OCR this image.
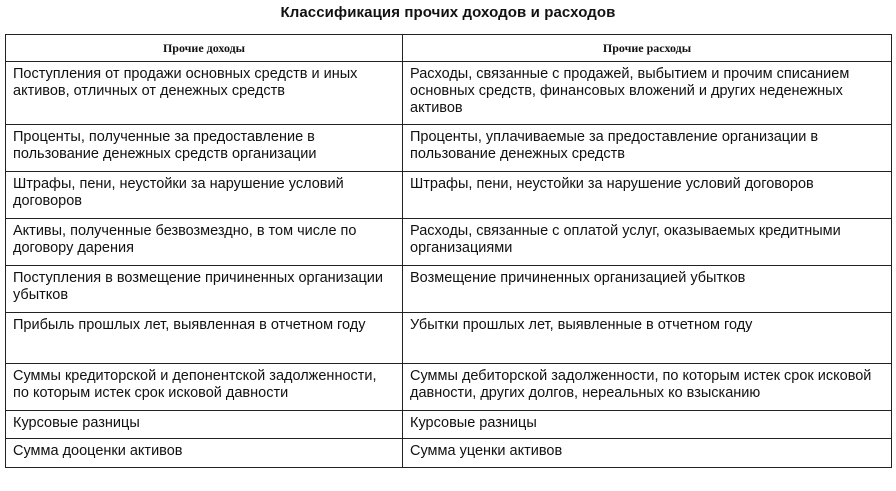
Классификация прочих доходов и расходов
Прочие доходы	Прочие расходы
Поступления от продажи основных средств и иных активов, отличных от денежных средств	Расходы, связанные с продажей, выбытием и прочим списанием основных средств, финансовых вложений и других неденежных активов
Проценты, полученные за предоставление в пользование денежных средств организации	Проценты, уплачиваемые за предоставление организации в пользование денежных средств
Штрафы, пени, неустойки за нарушение условий договоров	Штрафы, пени, неустойки за нарушение условий договоров
Активы, полученные безвозмездно, в том числе по договору дарения	Расходы, связанные с оплатой услуг, оказываемых кредитными организациями
Поступления в возмещение причиненных организации убытков	Возмещение причиненных организацией убытков
Прибыль прошлых лет, выявленная в отчетном году	Убытки прошлых лет, выявленные в отчетном году
Суммы кредиторской и депонентской задолженности, по которым истек срок исковой давности	Суммы дебиторской задолженности, по которым истек срок исковой давности, других долгов, нереальных ко взысканию
Курсовые разницы	Курсовые разницы
Сумма дооценки активов	Сумма уценки активов
